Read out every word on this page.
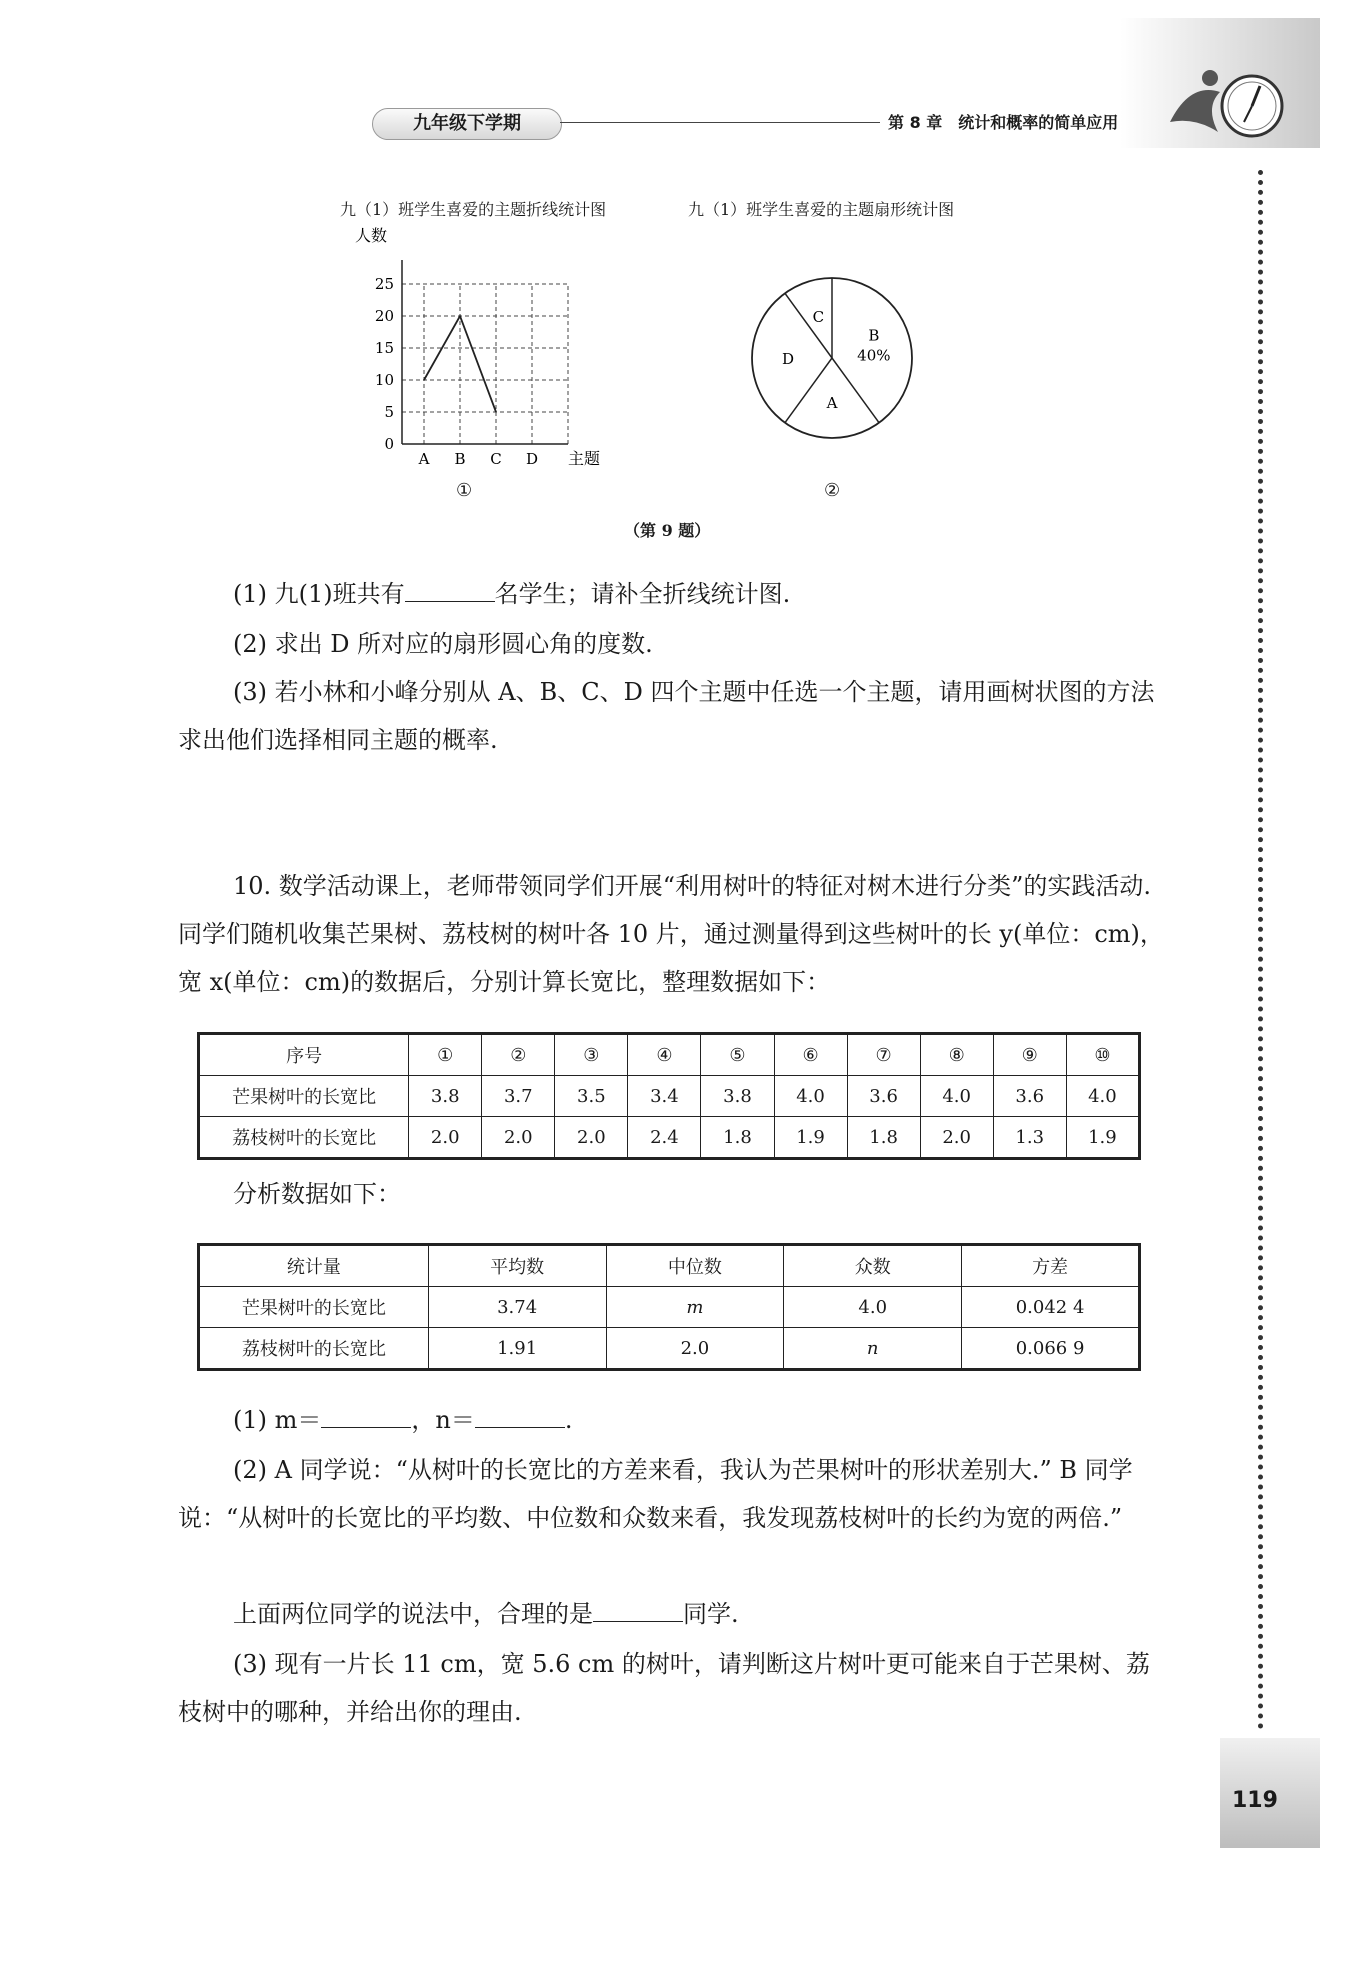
九年级下学期	第 8 章　统计和概率的简单应用
119
九（1）班学生喜爱的主题折线统计图	九（1）班学生喜爱的主题扇形统计图
人数
0
5
10
15
20
25
A B C D 主题
B
40%
A
D
C
①	②
（第 9 题）
(1) 九(1)班共有	名学生；请补全折线统计图.
(2) 求出 D 所对应的扇形圆心角的度数.
(3) 若小林和小峰分别从 A、B、C、D 四个主题中任选一个主题，请用画树状图的方法求出他们选择相同主题的概率.
10. 数学活动课上，老师带领同学们开展“利用树叶的特征对树木进行分类”的实践活动.同学们随机收集芒果树、荔枝树的树叶各 10 片，通过测量得到这些树叶的长 y(单位：cm)，宽 x(单位：cm)的数据后，分别计算长宽比，整理数据如下：
序号	①	②	③	④	⑤	⑥	⑦	⑧	⑨	⑩
芒果树叶的长宽比	3.8	3.7	3.5	3.4	3.8	4.0	3.6	4.0	3.6	4.0
荔枝树叶的长宽比	2.0	2.0	2.0	2.4	1.8	1.9	1.8	2.0	1.3	1.9
分析数据如下：
统计量	平均数	中位数	众数	方差
芒果树叶的长宽比	3.74	m	4.0	0.042 4
荔枝树叶的长宽比	1.91	2.0	n	0.066 9
(1) m＝	，n＝	.
(2) A 同学说：“从树叶的长宽比的方差来看，我认为芒果树叶的形状差别大.” B 同学说：“从树叶的长宽比的平均数、中位数和众数来看，我发现荔枝树叶的长约为宽的两倍.”
上面两位同学的说法中，合理的是	同学.
(3) 现有一片长 11 cm，宽 5.6 cm 的树叶，请判断这片树叶更可能来自于芒果树、荔枝树中的哪种，并给出你的理由.
